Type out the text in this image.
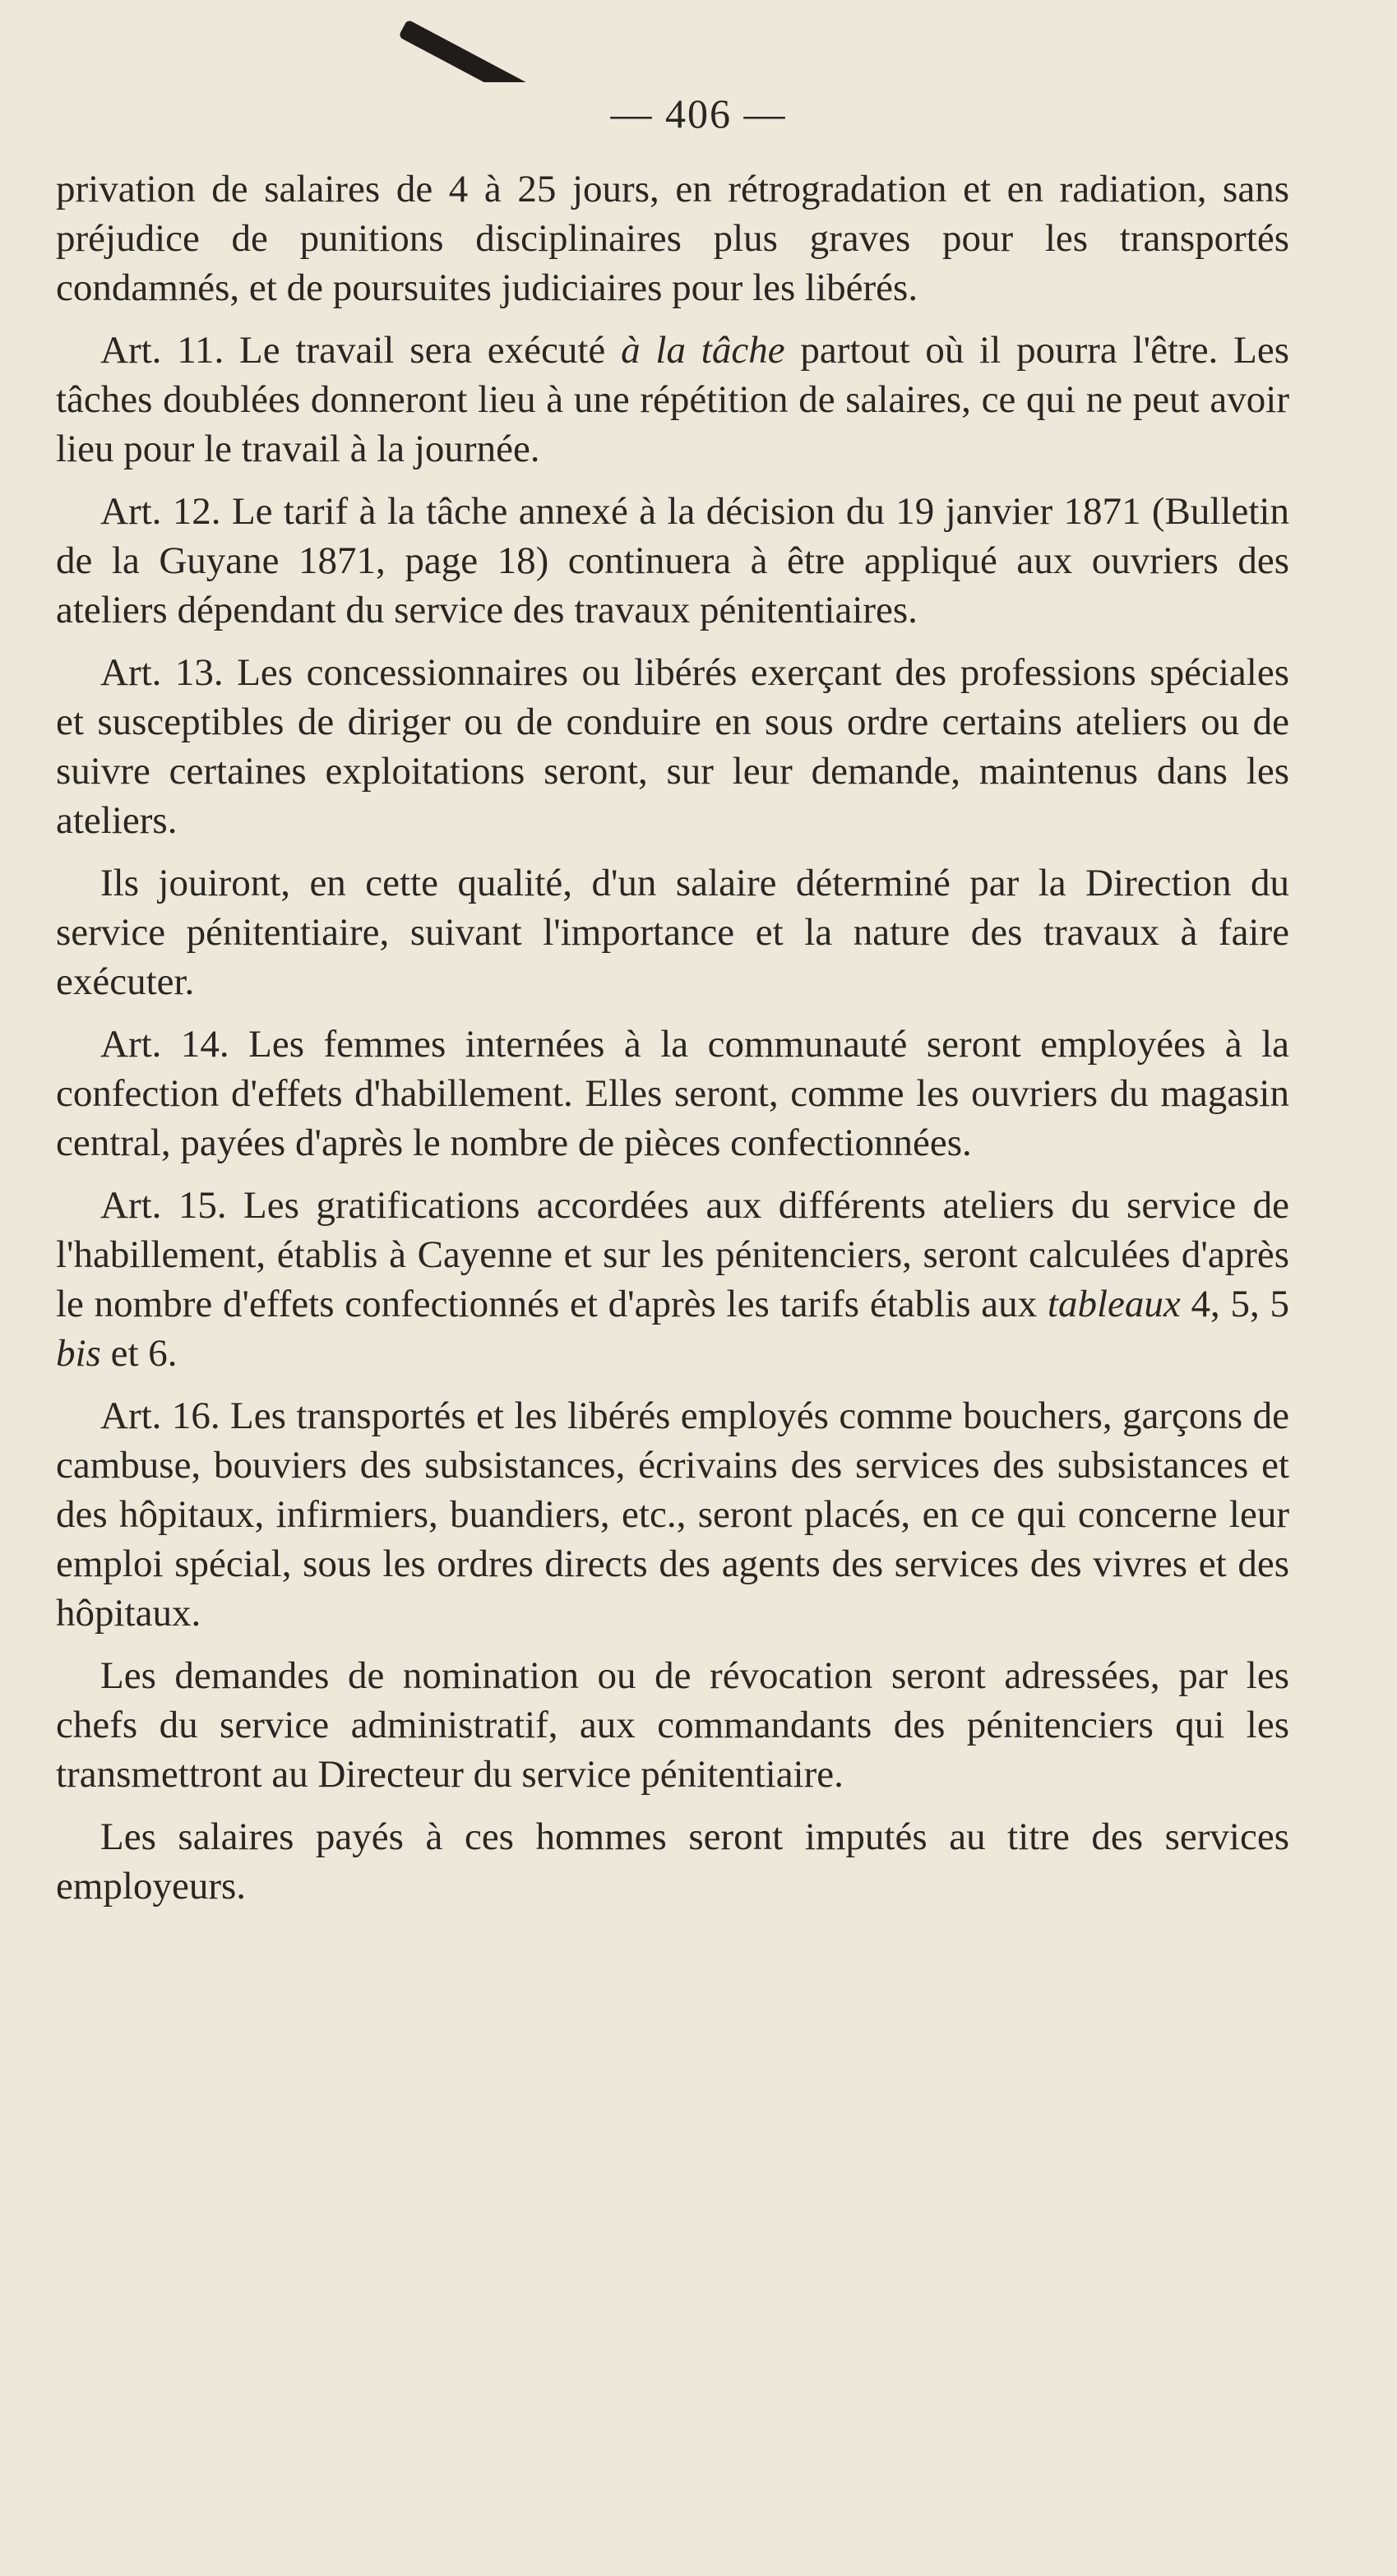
— 406 —

privation de salaires de 4 à 25 jours, en rétrogradation et en radiation, sans préjudice de punitions disciplinaires plus graves pour les transportés condamnés, et de poursuites judiciaires pour les libérés.

Art. 11. Le travail sera exécuté à la tâche partout où il pourra l'être. Les tâches doublées donneront lieu à une répétition de salaires, ce qui ne peut avoir lieu pour le travail à la journée.

Art. 12. Le tarif à la tâche annexé à la décision du 19 janvier 1871 (Bulletin de la Guyane 1871, page 18) continuera à être appliqué aux ouvriers des ateliers dépendant du service des travaux pénitentiaires.

Art. 13. Les concessionnaires ou libérés exerçant des professions spéciales et susceptibles de diriger ou de conduire en sous ordre certains ateliers ou de suivre certaines exploitations seront, sur leur demande, maintenus dans les ateliers.

Ils jouiront, en cette qualité, d'un salaire déterminé par la Direction du service pénitentiaire, suivant l'importance et la nature des travaux à faire exécuter.

Art. 14. Les femmes internées à la communauté seront employées à la confection d'effets d'habillement. Elles seront, comme les ouvriers du magasin central, payées d'après le nombre de pièces confectionnées.

Art. 15. Les gratifications accordées aux différents ateliers du service de l'habillement, établis à Cayenne et sur les pénitenciers, seront calculées d'après le nombre d'effets confectionnés et d'après les tarifs établis aux tableaux 4, 5, 5 bis et 6.

Art. 16. Les transportés et les libérés employés comme bouchers, garçons de cambuse, bouviers des subsistances, écrivains des services des subsistances et des hôpitaux, infirmiers, buandiers, etc., seront placés, en ce qui concerne leur emploi spécial, sous les ordres directs des agents des services des vivres et des hôpitaux.

Les demandes de nomination ou de révocation seront adressées, par les chefs du service administratif, aux commandants des pénitenciers qui les transmettront au Directeur du service pénitentiaire.

Les salaires payés à ces hommes seront imputés au titre des services employeurs.
